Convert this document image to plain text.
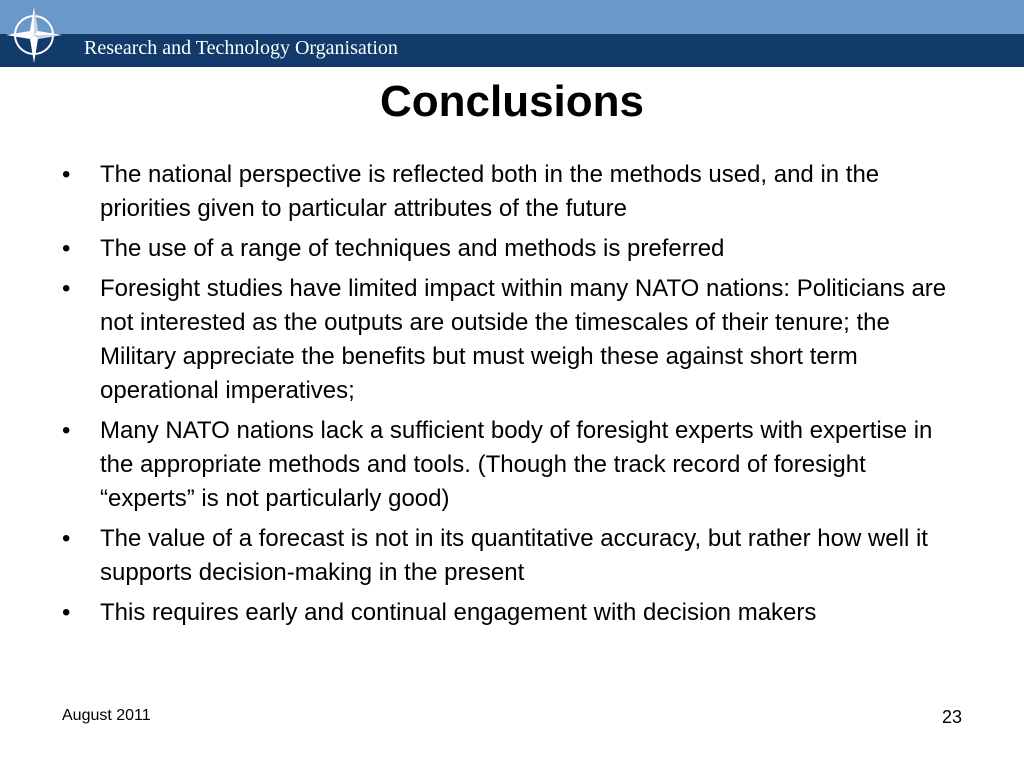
Research and Technology Organisation
Conclusions
• The national perspective is reflected both in the methods used, and in the priorities given to particular attributes of the future
• The use of a range of techniques and methods is preferred
• Foresight studies have limited impact within many NATO nations: Politicians are not interested as the outputs are outside the timescales of their tenure; the Military appreciate the benefits but must weigh these against short term operational imperatives;
• Many NATO nations lack a sufficient body of foresight experts with expertise in the appropriate methods and tools. (Though the track record of foresight “experts” is not particularly good)
• The value of a forecast is not in its quantitative accuracy, but rather how well it supports decision-making in the present
• This requires early and continual engagement with decision makers
August 2011	23
